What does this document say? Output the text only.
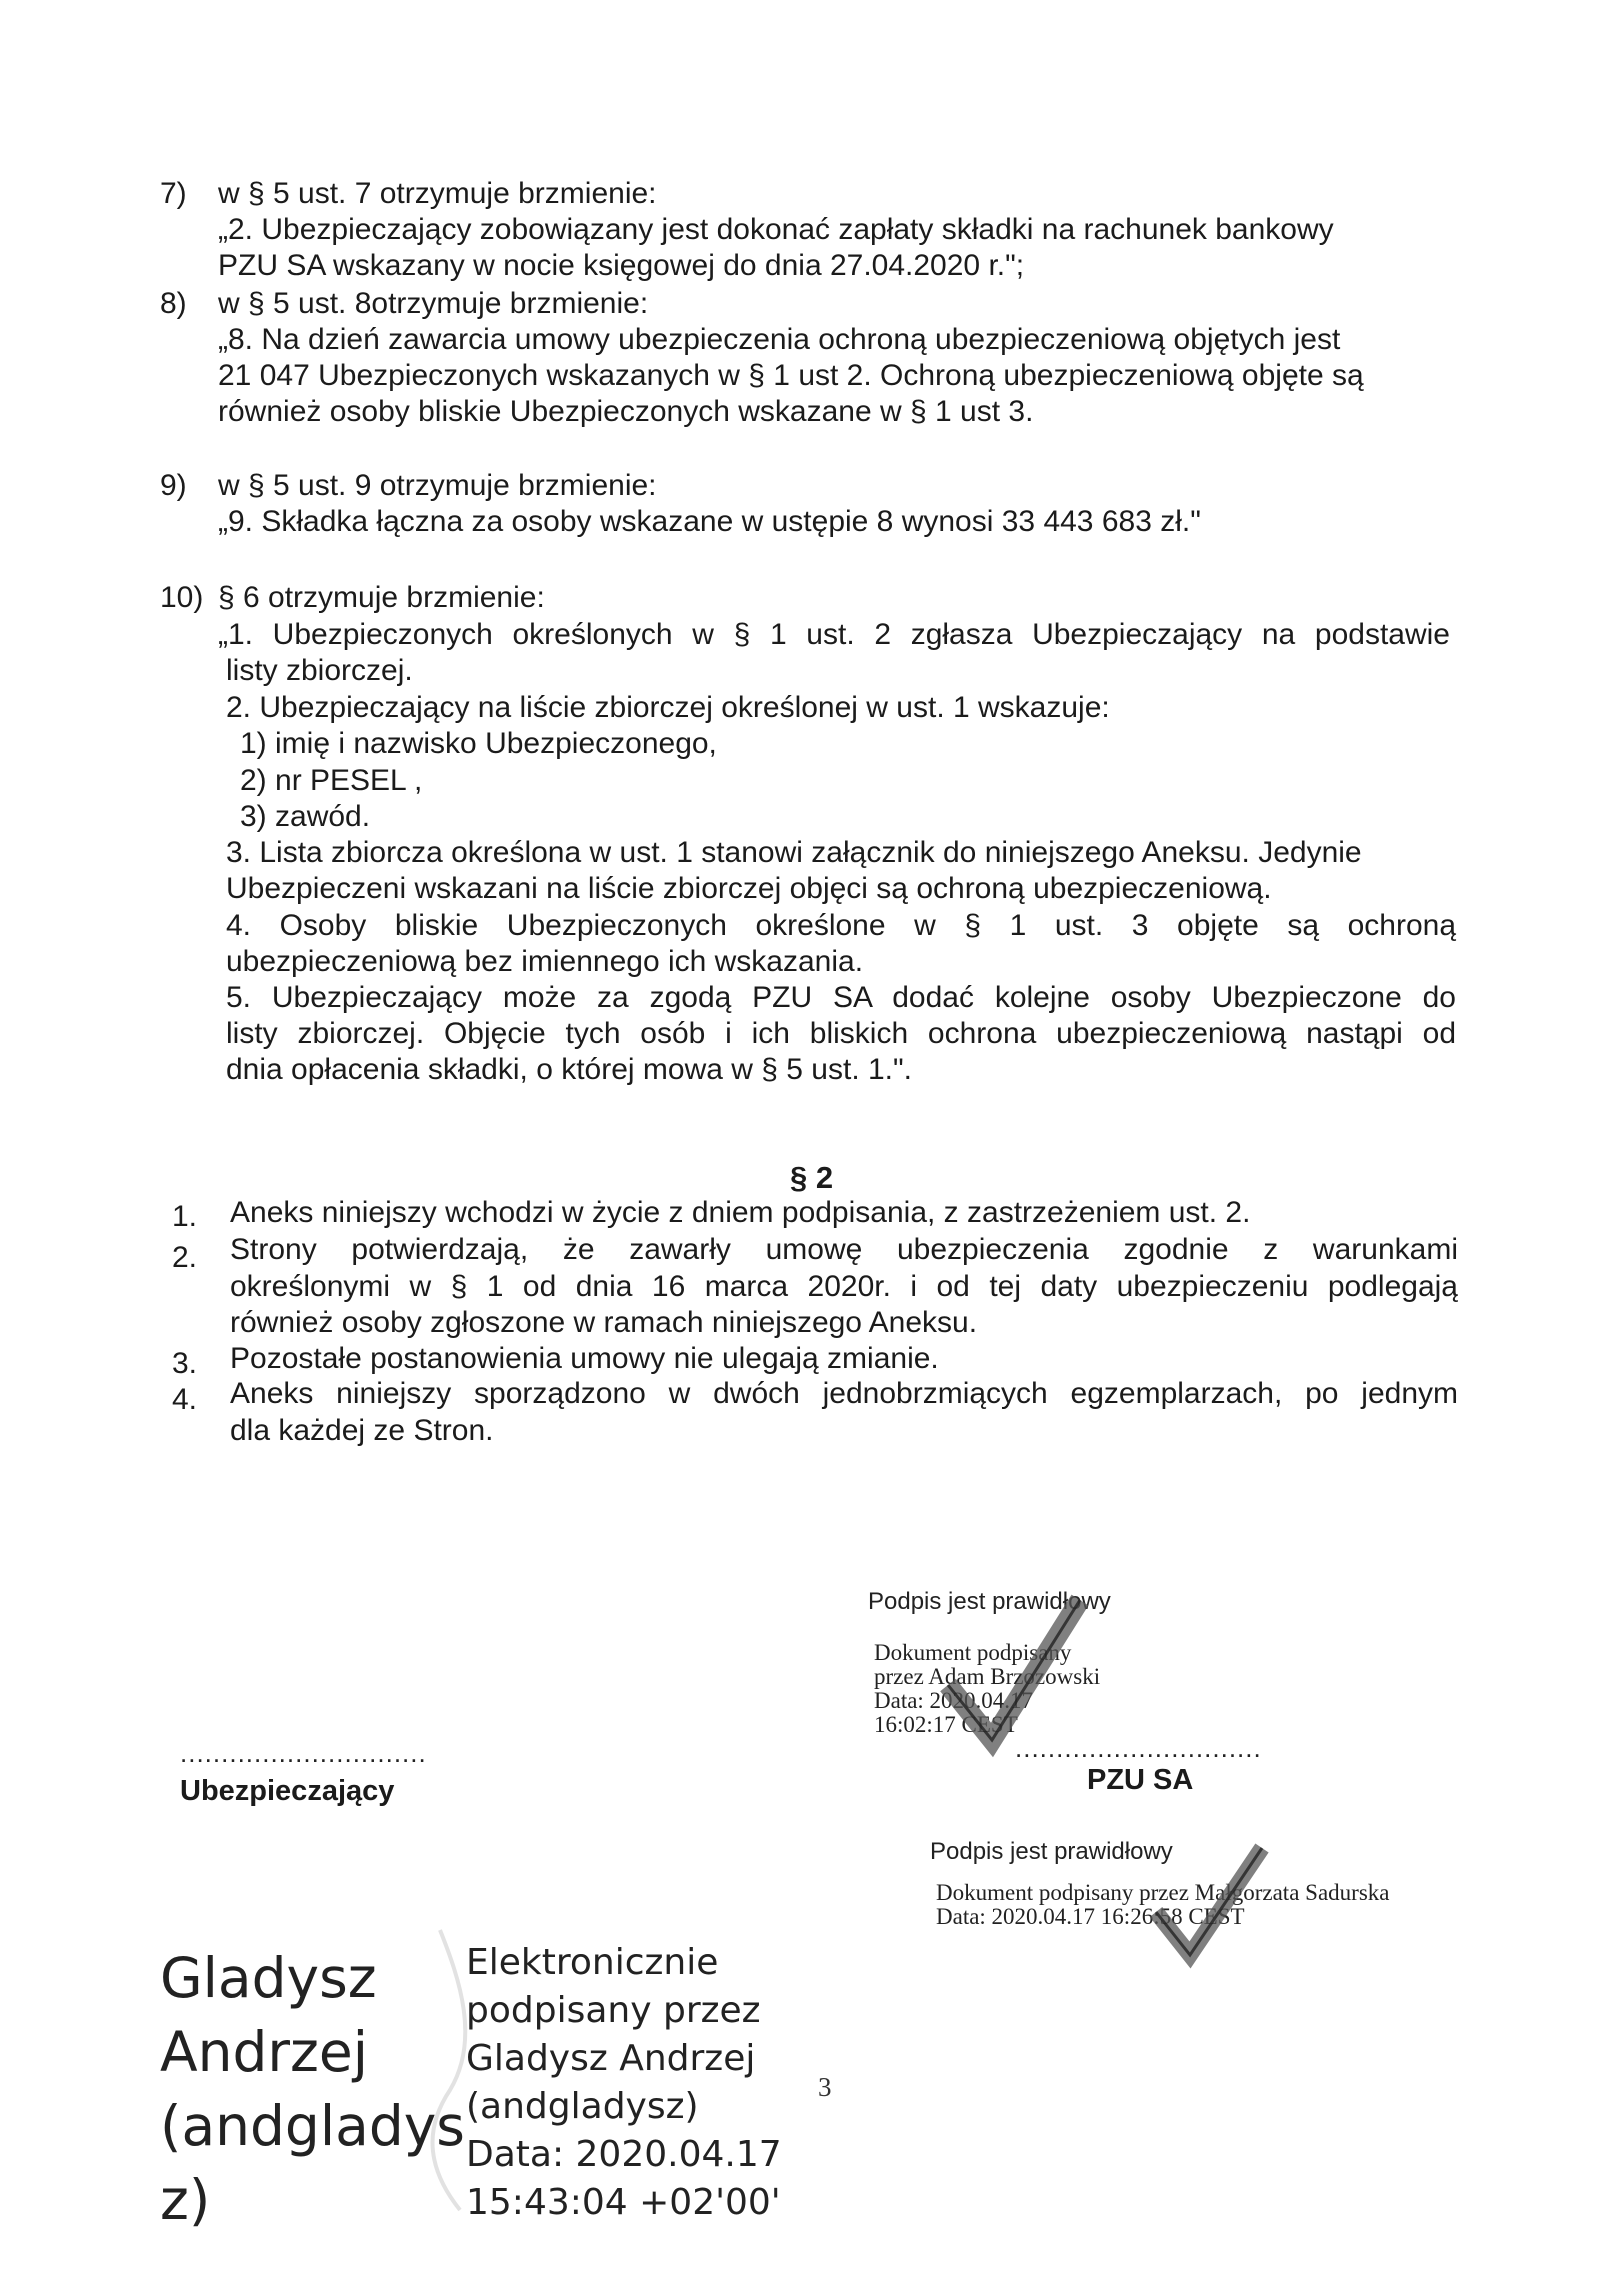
7) w § 5 ust. 7 otrzymuje brzmienie:
„2. Ubezpieczający zobowiązany jest dokonać zapłaty składki na rachunek bankowy
PZU SA wskazany w nocie księgowej do dnia 27.04.2020 r.";
8) w § 5 ust. 8otrzymuje brzmienie:
„8. Na dzień zawarcia umowy ubezpieczenia ochroną ubezpieczeniową objętych jest
21 047 Ubezpieczonych wskazanych w § 1 ust 2. Ochroną ubezpieczeniową objęte są
również osoby bliskie Ubezpieczonych wskazane w § 1 ust 3.
9) w § 5 ust. 9 otrzymuje brzmienie:
„9. Składka łączna za osoby wskazane w ustępie 8 wynosi 33 443 683 zł."
10) § 6 otrzymuje brzmienie:
„1. Ubezpieczonych określonych w § 1 ust. 2 zgłasza Ubezpieczający na podstawie
listy zbiorczej.
2. Ubezpieczający na liście zbiorczej określonej w ust. 1 wskazuje:
1) imię i nazwisko Ubezpieczonego,
2) nr PESEL ,
3) zawód.
3. Lista zbiorcza określona w ust. 1 stanowi załącznik do niniejszego Aneksu. Jedynie
Ubezpieczeni wskazani na liście zbiorczej objęci są ochroną ubezpieczeniową.
4. Osoby bliskie Ubezpieczonych określone w § 1 ust. 3 objęte są ochroną
ubezpieczeniową bez imiennego ich wskazania.
5. Ubezpieczający może za zgodą PZU SA dodać kolejne osoby Ubezpieczone do
listy zbiorczej. Objęcie tych osób i ich bliskich ochrona ubezpieczeniową nastąpi od
dnia opłacenia składki, o której mowa w § 5 ust. 1.".
§ 2
1. Aneks niniejszy wchodzi w życie z dniem podpisania, z zastrzeżeniem ust. 2.
2. Strony potwierdzają, że zawarły umowę ubezpieczenia zgodnie z warunkami
określonymi w § 1 od dnia 16 marca 2020r. i od tej daty ubezpieczeniu podlegają
również osoby zgłoszone w ramach niniejszego Aneksu.
3. Pozostałe postanowienia umowy nie ulegają zmianie.
4. Aneks niniejszy sporządzono w dwóch jednobrzmiących egzemplarzach, po jednym
dla każdej ze Stron.
Podpis jest prawidłowy
Dokument podpisany
przez Adam Brzozowski
Data: 2020.04.17
16:02:17 CEST
..............................
Ubezpieczający
..............................
PZU SA
Podpis jest prawidłowy
Dokument podpisany przez Małgorzata Sadurska
Data: 2020.04.17 16:26:58 CEST
Gladysz
Andrzej
(andgladys
z)
Elektronicznie
podpisany przez
Gladysz Andrzej
(andgladysz)
Data: 2020.04.17
15:43:04 +02'00'
3
